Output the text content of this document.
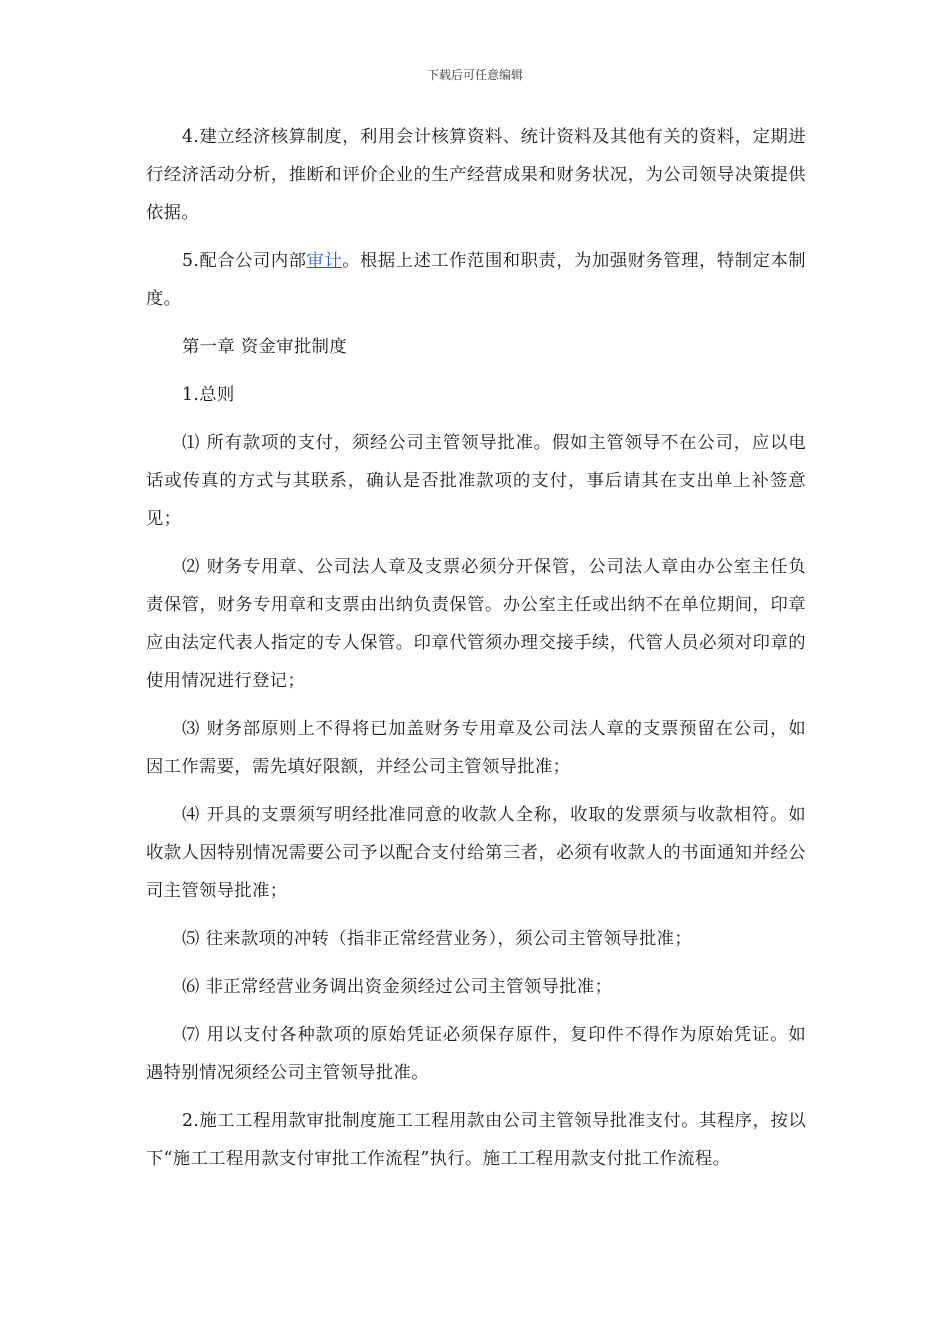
下载后可任意编辑

4.建立经济核算制度，利用会计核算资料、统计资料及其他有关的资料，定期进行经济活动分析，推断和评价企业的生产经营成果和财务状况，为公司领导决策提供依据。

5.配合公司内部审计。根据上述工作范围和职责，为加强财务管理，特制定本制度。

第一章 资金审批制度

1.总则

⑴ 所有款项的支付，须经公司主管领导批准。假如主管领导不在公司，应以电话或传真的方式与其联系，确认是否批准款项的支付，事后请其在支出单上补签意见；

⑵ 财务专用章、公司法人章及支票必须分开保管，公司法人章由办公室主任负责保管，财务专用章和支票由出纳负责保管。办公室主任或出纳不在单位期间，印章应由法定代表人指定的专人保管。印章代管须办理交接手续，代管人员必须对印章的使用情况进行登记；

⑶ 财务部原则上不得将已加盖财务专用章及公司法人章的支票预留在公司，如因工作需要，需先填好限额，并经公司主管领导批准；

⑷ 开具的支票须写明经批准同意的收款人全称，收取的发票须与收款相符。如收款人因特别情况需要公司予以配合支付给第三者，必须有收款人的书面通知并经公司主管领导批准；

⑸ 往来款项的冲转（指非正常经营业务），须公司主管领导批准；

⑹ 非正常经营业务调出资金须经过公司主管领导批准；

⑺ 用以支付各种款项的原始凭证必须保存原件，复印件不得作为原始凭证。如遇特别情况须经公司主管领导批准。

2.施工工程用款审批制度施工工程用款由公司主管领导批准支付。其程序，按以下“施工工程用款支付审批工作流程”执行。施工工程用款支付批工作流程。
